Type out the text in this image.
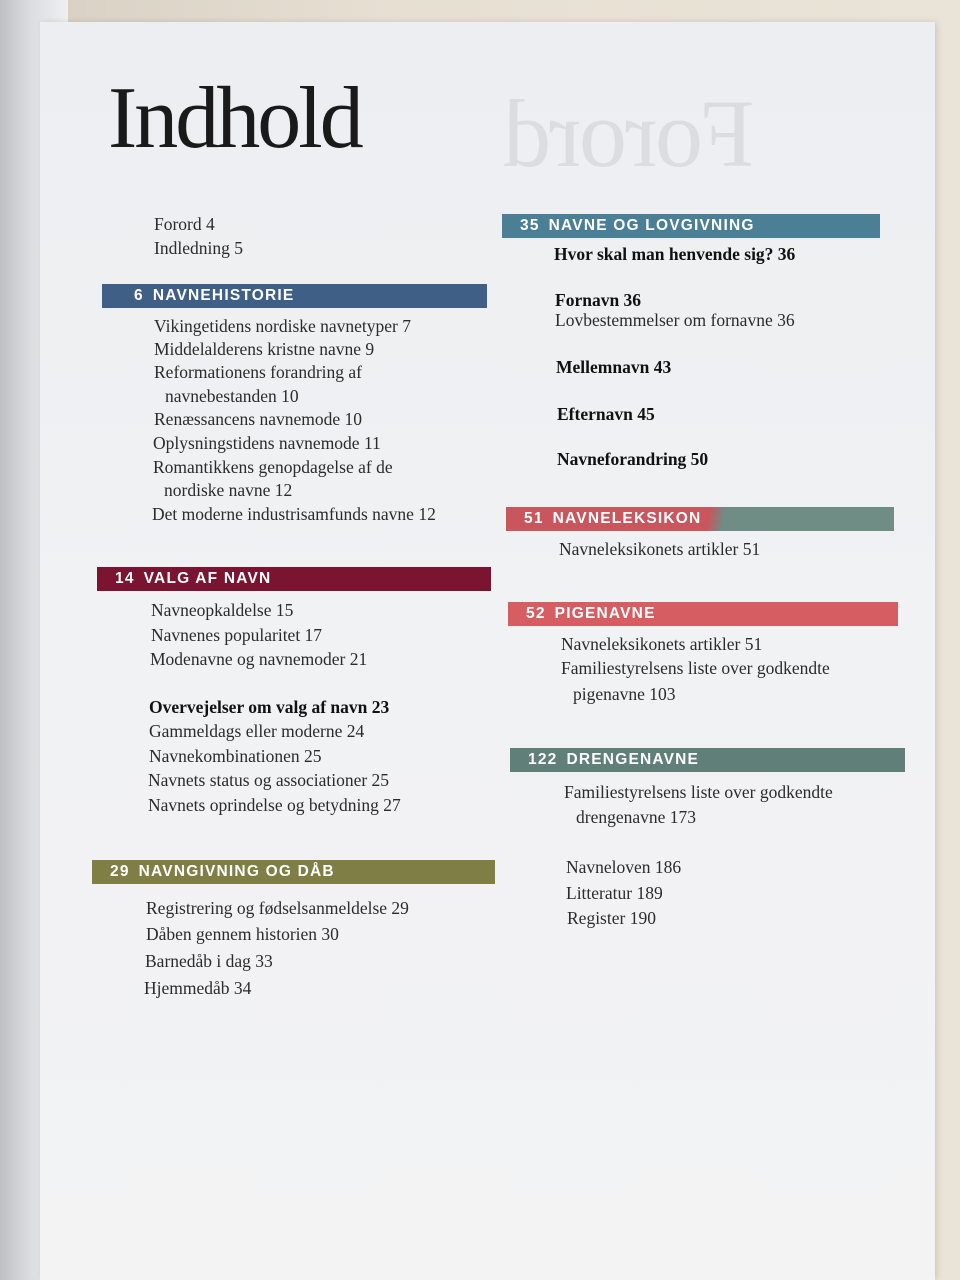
Forord
Indhold
Forord 4
Indledning 5
6 NAVNEHISTORIE
Vikingetidens nordiske navnetyper 7
Middelalderens kristne navne 9
Reformationens forandring af
navnebestanden 10
Renæssancens navnemode 10
Oplysningstidens navnemode 11
Romantikkens genopdagelse af de
nordiske navne 12
Det moderne industrisamfunds navne 12
14 VALG AF NAVN
Navneopkaldelse 15
Navnenes popularitet 17
Modenavne og navnemoder 21
Overvejelser om valg af navn 23
Gammeldags eller moderne 24
Navnekombinationen 25
Navnets status og associationer 25
Navnets oprindelse og betydning 27
29 NAVNGIVNING OG DÅB
Registrering og fødselsanmeldelse 29
Dåben gennem historien 30
Barnedåb i dag 33
Hjemmedåb 34
35 NAVNE OG LOVGIVNING
Hvor skal man henvende sig? 36
Fornavn 36
Lovbestemmelser om fornavne 36
Mellemnavn 43
Efternavn 45
Navneforandring 50
51 NAVNELEKSIKON
Navneleksikonets artikler 51
52 PIGENAVNE
Navneleksikonets artikler 51
Familiestyrelsens liste over godkendte
pigenavne 103
122 DRENGENAVNE
Familiestyrelsens liste over godkendte
drengenavne 173
Navneloven 186
Litteratur 189
Register 190
